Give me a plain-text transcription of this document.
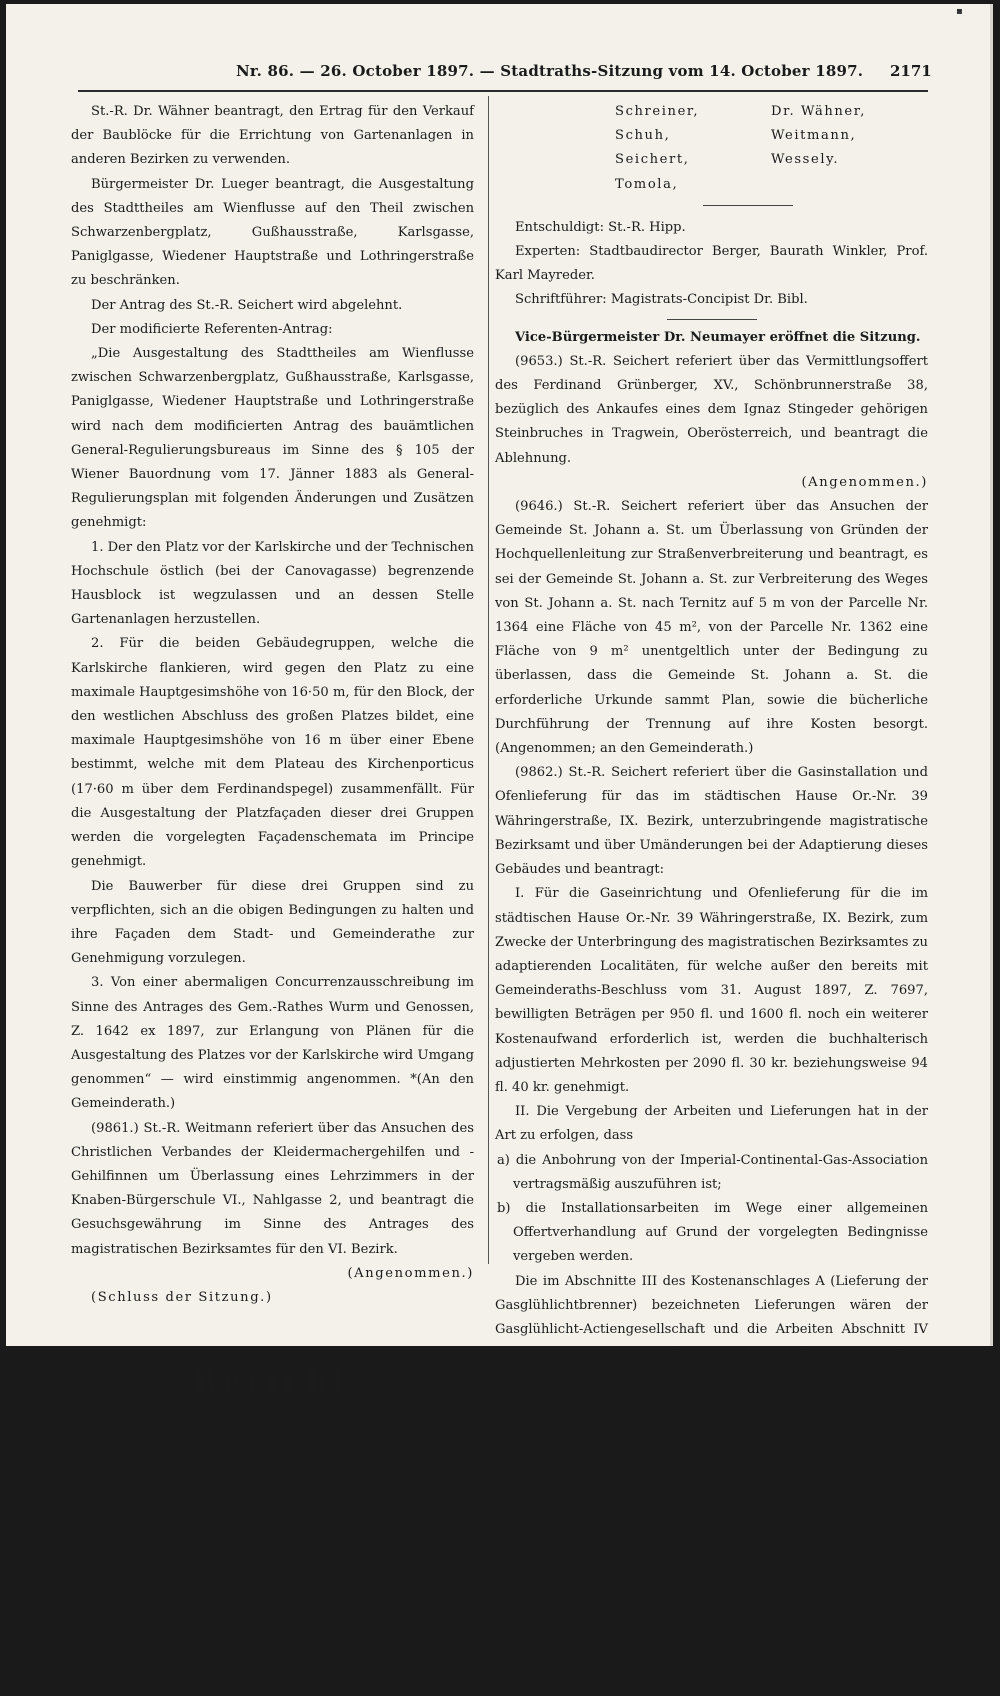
▪
Nr. 86. — 26. October 1897. — Stadtraths-Sitzung vom 14. October 1897. 2171

St.-R. Dr. Wähner beantragt, den Ertrag für den Verkauf der Baublöcke für die Errichtung von Gartenanlagen in anderen Bezirken zu verwenden.

Bürgermeister Dr. Lueger beantragt, die Ausgestaltung des Stadttheiles am Wienflusse auf den Theil zwischen Schwarzenbergplatz, Gußhausstraße, Karlsgasse, Paniglgasse, Wiedener Hauptstraße und Lothringerstraße zu beschränken.

Der Antrag des St.-R. Seichert wird abgelehnt.

Der modificierte Referenten-Antrag:

„Die Ausgestaltung des Stadttheiles am Wienflusse zwischen Schwarzenbergplatz, Gußhausstraße, Karlsgasse, Paniglgasse, Wiedener Hauptstraße und Lothringerstraße wird nach dem modificierten Antrag des bauämtlichen General-Regulierungsbureaus im Sinne des § 105 der Wiener Bauordnung vom 17. Jänner 1883 als General-Regulierungsplan mit folgenden Änderungen und Zusätzen genehmigt:

1. Der den Platz vor der Karlskirche und der Technischen Hochschule östlich (bei der Canovagasse) begrenzende Hausblock ist wegzulassen und an dessen Stelle Gartenanlagen herzustellen.

2. Für die beiden Gebäudegruppen, welche die Karlskirche flankieren, wird gegen den Platz zu eine maximale Hauptgesimshöhe von 16·50 m, für den Block, der den westlichen Abschluss des großen Platzes bildet, eine maximale Hauptgesimshöhe von 16 m über einer Ebene bestimmt, welche mit dem Plateau des Kirchenporticus (17·60 m über dem Ferdinandspegel) zusammenfällt. Für die Ausgestaltung der Platzfaçaden dieser drei Gruppen werden die vorgelegten Façadenschemata im Principe genehmigt.

Die Bauwerber für diese drei Gruppen sind zu verpflichten, sich an die obigen Bedingungen zu halten und ihre Façaden dem Stadt- und Gemeinderathe zur Genehmigung vorzulegen.

3. Von einer abermaligen Concurrenzausschreibung im Sinne des Antrages des Gem.-Rathes Wurm und Genossen, Z. 1642 ex 1897, zur Erlangung von Plänen für die Ausgestaltung des Platzes vor der Karlskirche wird Umgang genommen“ — wird einstimmig angenommen. *(An den Gemeinderath.)

(9861.) St.-R. Weitmann referiert über das Ansuchen des Christlichen Verbandes der Kleidermachergehilfen und -Gehilfinnen um Überlassung eines Lehrzimmers in der Knaben-Bürgerschule VI., Nahlgasse 2, und beantragt die Gesuchsgewährung im Sinne des Antrages des magistratischen Bezirksamtes für den VI. Bezirk.

(Angenommen.)

(Schluss der Sitzung.)

Bericht
über die Stadtraths-Sitzung vom 14. October 1897.
Vorsitzende: Bürgermeister Dr. Karl Lueger.
Vice-Bürgermeister Josef Strobach.
Vice-Bürgermeister Dr. Josef Neumayer.
Anwesende: Braun,	Hraba,
Büsch,	Dr. Krenn,
Dr. Deutschmann,	Dr. Mayreder,
Fiedler,	Müller Lorenz,
Gräf,	Purscht,
Grünbeck Sebastian,
Rauer,
Hörmann,	Rißaweg,
Schreiner,	Dr. Wähner,
Schuh,	Weitmann,
Seichert,	Wessely.
Tomola,

Entschuldigt: St.-R. Hipp.

Experten: Stadtbaudirector Berger, Baurath Winkler, Prof. Karl Mayreder.

Schriftführer: Magistrats-Concipist Dr. Bibl.

Vice-Bürgermeister Dr. Neumayer eröffnet die Sitzung.

(9653.) St.-R. Seichert referiert über das Vermittlungsoffert des Ferdinand Grünberger, XV., Schönbrunnerstraße 38, bezüglich des Ankaufes eines dem Ignaz Stingeder gehörigen Steinbruches in Tragwein, Oberösterreich, und beantragt die Ablehnung.

(Angenommen.)

(9646.) St.-R. Seichert referiert über das Ansuchen der Gemeinde St. Johann a. St. um Überlassung von Gründen der Hochquellenleitung zur Straßenverbreiterung und beantragt, es sei der Gemeinde St. Johann a. St. zur Verbreiterung des Weges von St. Johann a. St. nach Ternitz auf 5 m von der Parcelle Nr. 1364 eine Fläche von 45 m², von der Parcelle Nr. 1362 eine Fläche von 9 m² unentgeltlich unter der Bedingung zu überlassen, dass die Gemeinde St. Johann a. St. die erforderliche Urkunde sammt Plan, sowie die bücherliche Durchführung der Trennung auf ihre Kosten besorgt. (Angenommen; an den Gemeinderath.)

(9862.) St.-R. Seichert referiert über die Gasinstallation und Ofenlieferung für das im städtischen Hause Or.-Nr. 39 Währingerstraße, IX. Bezirk, unterzubringende magistratische Bezirksamt und über Umänderungen bei der Adaptierung dieses Gebäudes und beantragt:

I. Für die Gaseinrichtung und Ofenlieferung für die im städtischen Hause Or.-Nr. 39 Währingerstraße, IX. Bezirk, zum Zwecke der Unterbringung des magistratischen Bezirksamtes zu adaptierenden Localitäten, für welche außer den bereits mit Gemeinderaths-Beschluss vom 31. August 1897, Z. 7697, bewilligten Beträgen per 950 fl. und 1600 fl. noch ein weiterer Kostenaufwand erforderlich ist, werden die buchhalterisch adjustierten Mehrkosten per 2090 fl. 30 kr. beziehungsweise 94 fl. 40 kr. genehmigt.

II. Die Vergebung der Arbeiten und Lieferungen hat in der Art zu erfolgen, dass

a) die Anbohrung von der Imperial-Continental-Gas-Association vertragsmäßig auszuführen ist;

b) die Installationsarbeiten im Wege einer allgemeinen Offertverhandlung auf Grund der vorgelegten Bedingnisse vergeben werden.

Die im Abschnitte III des Kostenanschlages A (Lieferung der Gasglühlichtbrenner) bezeichneten Lieferungen wären der Gasglühlicht-Actiengesellschaft und die Arbeiten Abschnitt IV (Baumeisterarbeit) dem Ersteher der Baumeisterarbeiten zu übertragen.

Die Erhaltung der Auer-Brenner hätte in eigener Regie zu erfolgen.

Die Lieferung der für die Beheizung der Amtslocalitäten und Wohnungen außer den vorhandenen brauchbaren Öfen noch erforderlichen Regulier-Füllöfen nach dem Kostenanschlage B mit der Summe von 1694 fl. 40 kr. wäre durch eine allgemeine Offertverhandlung sicherzustellen, zu welchem Zwecke die Bedingnisse hiefür angeschlossen werden.
